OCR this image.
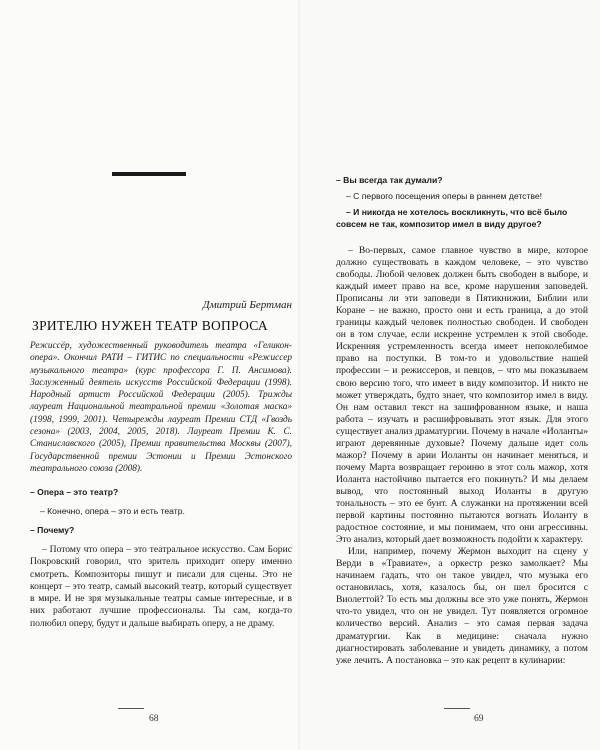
Дмитрий Бертман
ЗРИТЕЛЮ НУЖЕН ТЕАТР ВОПРОСА
Режиссёр, художественный руководитель театра «Геликон-опера». Окончил РАТИ – ГИТИС по специальности «Режиссер музыкального театра» (курс профессора Г. П. Ансимова). Заслуженный деятель искусств Российской Федерации (1998). Народный артист Российской Федерации (2005). Трижды лауреат Национальной театральной премии «Золотая маска» (1998, 1999, 2001). Четырежды лауреат Премии СТД «Гвоздь сезона» (2003, 2004, 2005, 2018). Лауреат Премии К. С. Станиславского (2005), Премии правительства Москвы (2007), Государственной премии Эстонии и Премии Эстонского театрального союза (2008).
– Опера – это театр?
– Конечно, опера – это и есть театр.
– Почему?
– Потому что опера – это театральное искусство. Сам Борис Покровский говорил, что зритель приходит оперу именно смотреть. Композиторы пишут и писали для сцены. Это не концерт – это театр, самый высокий театр, который существует в мире. И не зря музыкальные театры самые интересные, и в них работают лучшие профессионалы. Ты сам, когда-то полюбил оперу, будут и дальше выбирать оперу, а не драму.
68
– Вы всегда так думали?
– С первого посещения оперы в раннем детстве!
– И никогда не хотелось воскликнуть, что всё было совсем не так, композитор имел в виду другое?

– Во-первых, самое главное чувство в мире, которое должно существовать в каждом человеке, – это чувство свободы. Любой человек должен быть свободен в выборе, и каждый имеет право на все, кроме нарушения заповедей. Прописаны ли эти заповеди в Пятикнижии, Библии или Коране – не важно, просто они и есть граница, а до этой границы каждый человек полностью свободен. И свободен он в том случае, если искренне устремлен к этой свободе. Искренняя устремленность всегда имеет непоколебимое право на поступки. В том-то и удовольствие нашей профессии – и режиссеров, и певцов, – что мы показываем свою версию того, что имеет в виду композитор. И никто не может утверждать, будто знает, что композитор имел в виду. Он нам оставил текст на зашифрованном языке, и наша работа – изучать и расшифровывать этот язык. Для этого существует анализ драматургии. Почему в начале «Иоланты» играют деревянные духовые? Почему дальше идет соль мажор? Почему в арии Иоланты он начинает меняться, и почему Марта возвращает героиню в этот соль мажор, хотя Иоланта настойчиво пытается его покинуть? И мы делаем вывод, что постоянный выход Иоланты в другую тональность – это ее бунт. А служанки на протяжении всей первой картины постоянно пытаются вогнать Иоланту в радостное состояние, и мы понимаем, что они агрессивны. Это анализ, который дает возможность подойти к характеру.

Или, например, почему Жермон выходит на сцену у Верди в «Травиате», а оркестр резко замолкает? Мы начинаем гадать, что он такое увидел, что музыка его остановилась, хотя, казалось бы, он шел бросится с Виолеттой? То есть мы должны все это уже понять, Жермон что-то увидел, что он не увидел. Тут появляется огромное количество версий. Анализ – это самая первая задача драматургии. Как в медицине: сначала нужно диагностировать заболевание и увидеть динамику, а потом уже лечить. А постановка – это как рецепт в кулинарии:

69
